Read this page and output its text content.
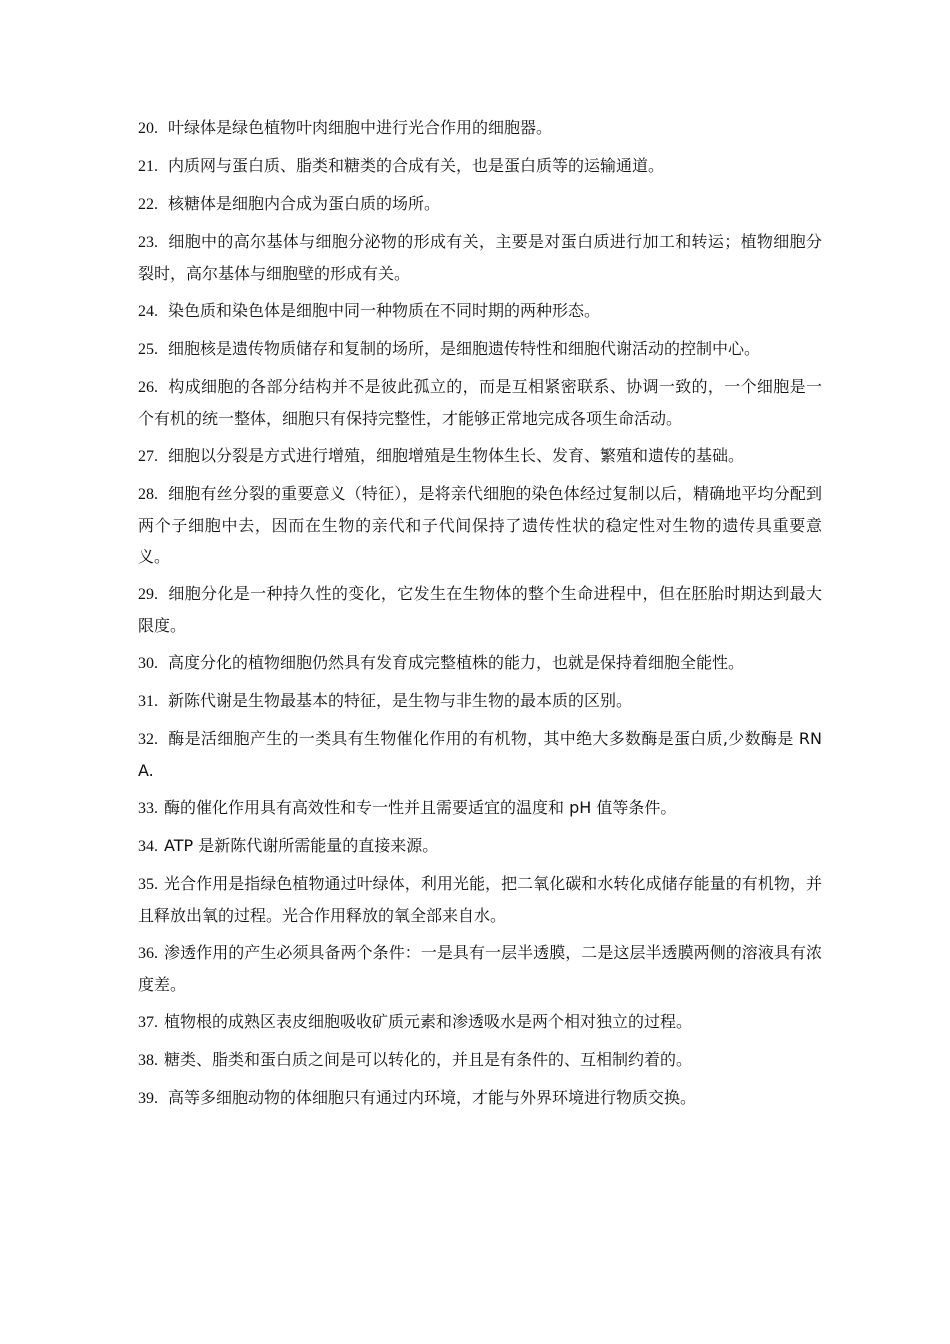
20. 叶绿体是绿色植物叶肉细胞中进行光合作用的细胞器。
21. 内质网与蛋白质、脂类和糖类的合成有关，也是蛋白质等的运输通道。
22. 核糖体是细胞内合成为蛋白质的场所。
23. 细胞中的高尔基体与细胞分泌物的形成有关，主要是对蛋白质进行加工和转运；植物细胞分裂时，高尔基体与细胞壁的形成有关。
24. 染色质和染色体是细胞中同一种物质在不同时期的两种形态。
25. 细胞核是遗传物质储存和复制的场所，是细胞遗传特性和细胞代谢活动的控制中心。
26. 构成细胞的各部分结构并不是彼此孤立的，而是互相紧密联系、协调一致的，一个细胞是一个有机的统一整体，细胞只有保持完整性，才能够正常地完成各项生命活动。
27. 细胞以分裂是方式进行增殖，细胞增殖是生物体生长、发育、繁殖和遗传的基础。
28. 细胞有丝分裂的重要意义（特征），是将亲代细胞的染色体经过复制以后，精确地平均分配到两个子细胞中去，因而在生物的亲代和子代间保持了遗传性状的稳定性对生物的遗传具重要意义。
29. 细胞分化是一种持久性的变化，它发生在生物体的整个生命进程中，但在胚胎时期达到最大限度。
30. 高度分化的植物细胞仍然具有发育成完整植株的能力，也就是保持着细胞全能性。
31. 新陈代谢是生物最基本的特征，是生物与非生物的最本质的区别。
32. 酶是活细胞产生的一类具有生物催化作用的有机物，其中绝大多数酶是蛋白质,少数酶是 RNA.
33. 酶的催化作用具有高效性和专一性并且需要适宜的温度和 pH 值等条件。
34. ATP 是新陈代谢所需能量的直接来源。
35. 光合作用是指绿色植物通过叶绿体，利用光能，把二氧化碳和水转化成储存能量的有机物，并且释放出氧的过程。光合作用释放的氧全部来自水。
36. 渗透作用的产生必须具备两个条件：一是具有一层半透膜，二是这层半透膜两侧的溶液具有浓度差。
37. 植物根的成熟区表皮细胞吸收矿质元素和渗透吸水是两个相对独立的过程。
38. 糖类、脂类和蛋白质之间是可以转化的，并且是有条件的、互相制约着的。
39. 高等多细胞动物的体细胞只有通过内环境，才能与外界环境进行物质交换。
